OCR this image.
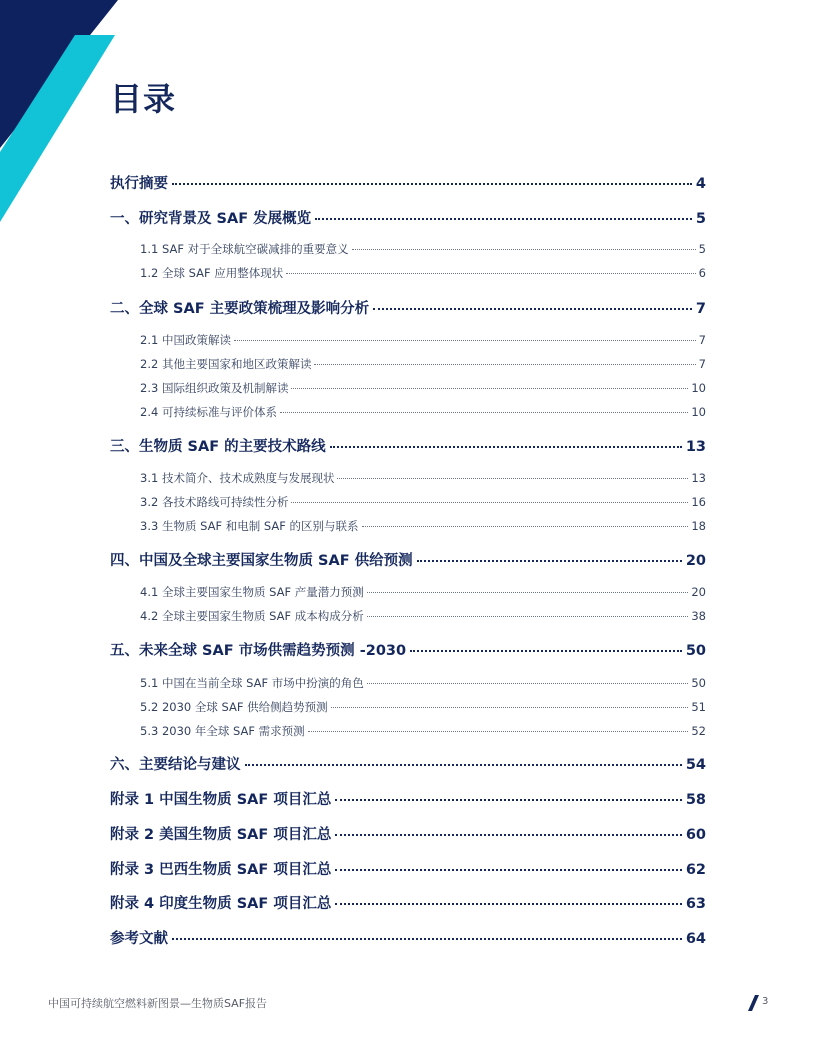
目录
执行摘要	4
一、研究背景及 SAF 发展概览	5
1.1 SAF 对于全球航空碳减排的重要意义	5
1.2 全球 SAF 应用整体现状	6
二、全球 SAF 主要政策梳理及影响分析	7
2.1 中国政策解读	7
2.2 其他主要国家和地区政策解读	7
2.3 国际组织政策及机制解读	10
2.4 可持续标准与评价体系	10
三、生物质 SAF 的主要技术路线	13
3.1 技术简介、技术成熟度与发展现状	13
3.2 各技术路线可持续性分析	16
3.3 生物质 SAF 和电制 SAF 的区别与联系	18
四、中国及全球主要国家生物质 SAF 供给预测	20
4.1 全球主要国家生物质 SAF 产量潜力预测	20
4.2 全球主要国家生物质 SAF 成本构成分析	38
五、未来全球 SAF 市场供需趋势预测 -2030	50
5.1 中国在当前全球 SAF 市场中扮演的角色	50
5.2 2030 全球 SAF 供给侧趋势预测	51
5.3 2030 年全球 SAF 需求预测	52
六、主要结论与建议	54
附录 1 中国生物质 SAF 项目汇总	58
附录 2 美国生物质 SAF 项目汇总	60
附录 3 巴西生物质 SAF 项目汇总	62
附录 4 印度生物质 SAF 项目汇总	63
参考文献	64
中国可持续航空燃料新图景—生物质SAF报告	3
